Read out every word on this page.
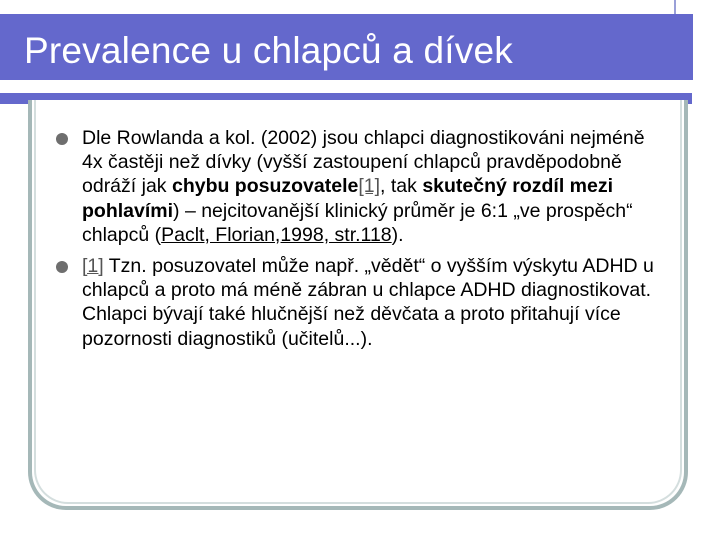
Prevalence u chlapců a dívek
Dle Rowlanda a kol. (2002) jsou chlapci diagnostikováni nejméně 4x častěji než dívky (vyšší zastoupení chlapců pravděpodobně odráží jak chybu posuzovatele[1], tak skutečný rozdíl mezi pohlavími) – nejcitovanější klinický průměr je 6:1 „ve prospěch“ chlapců (Paclt, Florian,1998, str.118).
[1] Tzn. posuzovatel může např. „vědět“ o vyšším výskytu ADHD u chlapců a proto má méně zábran u chlapce ADHD diagnostikovat. Chlapci bývají také hlučnější než děvčata a proto přitahují více pozornosti diagnostiků (učitelů...).
